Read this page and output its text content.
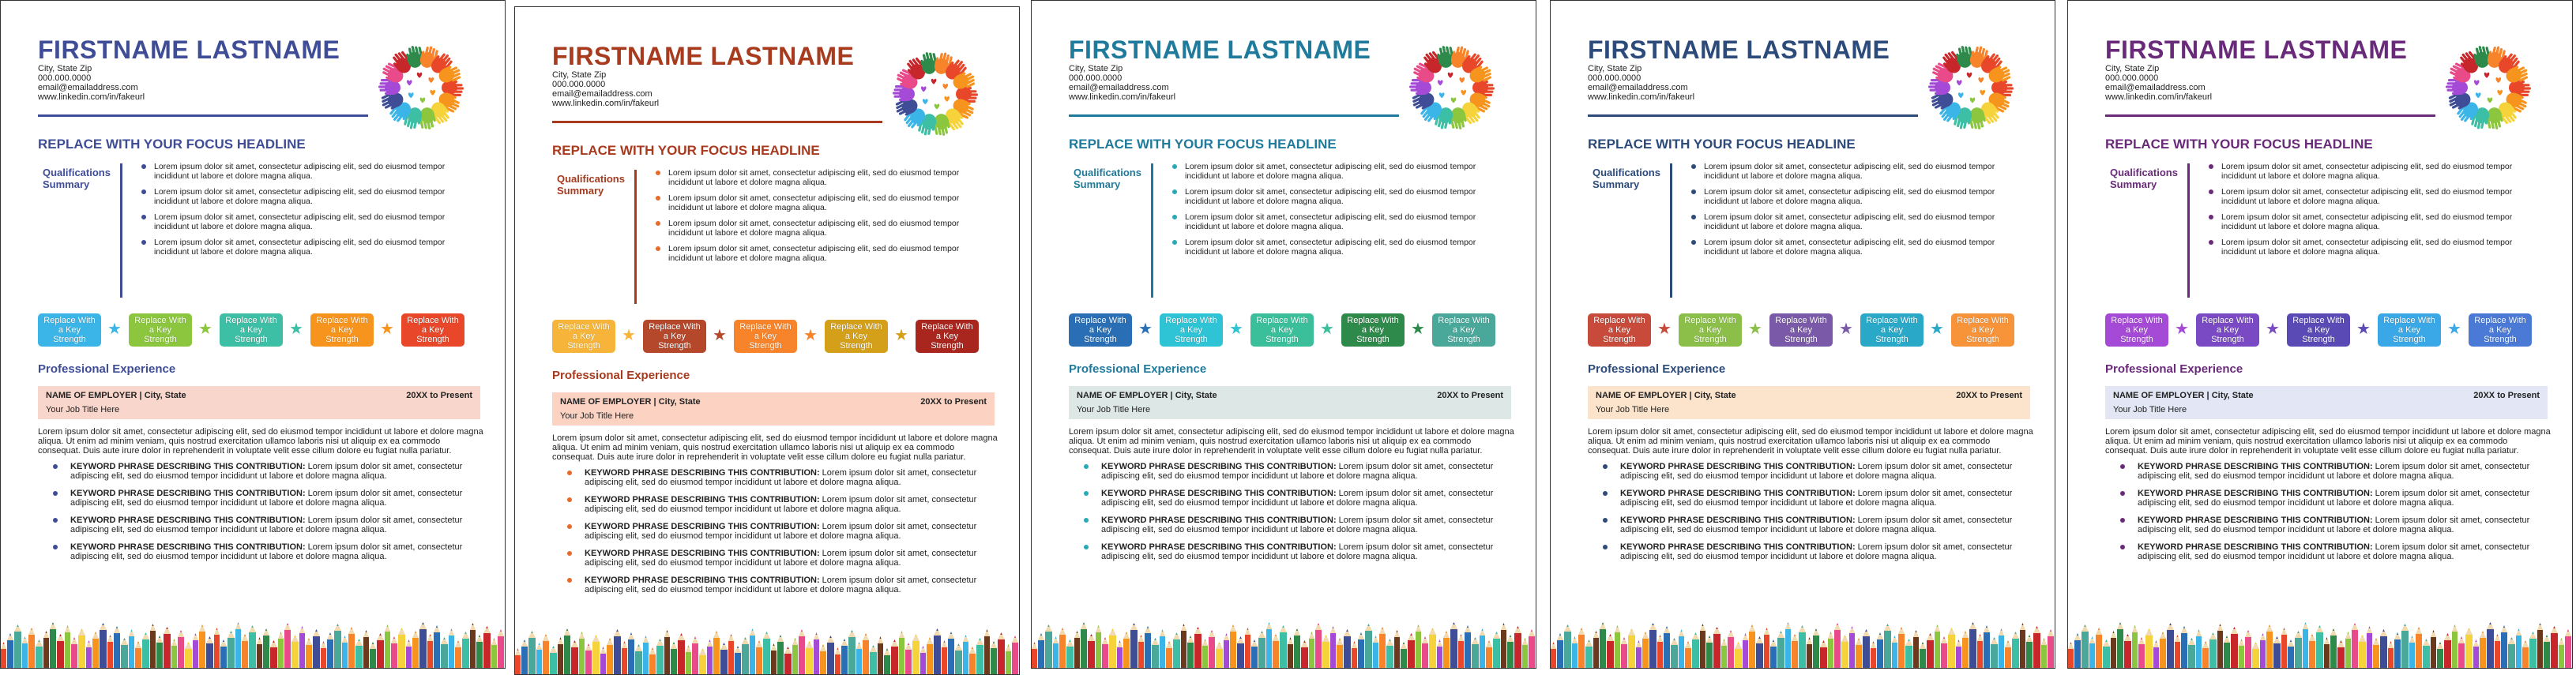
FIRSTNAME LASTNAME
City, State Zip
000.000.0000
email@emailaddress.com
www.linkedin.com/in/fakeurl
REPLACE WITH YOUR FOCUS HEADLINE
Qualifications
Summary
Lorem ipsum dolor sit amet, consectetur adipiscing elit, sed do eiusmod tempor incididunt ut labore et dolore magna aliqua.
Lorem ipsum dolor sit amet, consectetur adipiscing elit, sed do eiusmod tempor incididunt ut labore et dolore magna aliqua.
Lorem ipsum dolor sit amet, consectetur adipiscing elit, sed do eiusmod tempor incididunt ut labore et dolore magna aliqua.
Lorem ipsum dolor sit amet, consectetur adipiscing elit, sed do eiusmod tempor incididunt ut labore et dolore magna aliqua.
Replace With a Key Strength
★ Replace With a Key Strength
★ Replace With a Key Strength
★ Replace With a Key Strength
★ Replace With a Key Strength
Professional Experience
NAME OF EMPLOYER | City, State	20XX to Present
Your Job Title Here
Lorem ipsum dolor sit amet, consectetur adipiscing elit, sed do eiusmod tempor incididunt ut labore et dolore magna aliqua. Ut enim ad minim veniam, quis nostrud exercitation ullamco laboris nisi ut aliquip ex ea commodo consequat. Duis aute irure dolor in reprehenderit in voluptate velit esse cillum dolore eu fugiat nulla pariatur.
KEYWORD PHRASE DESCRIBING THIS CONTRIBUTION: Lorem ipsum dolor sit amet, consectetur adipiscing elit, sed do eiusmod tempor incididunt ut labore et dolore magna aliqua.
KEYWORD PHRASE DESCRIBING THIS CONTRIBUTION: Lorem ipsum dolor sit amet, consectetur adipiscing elit, sed do eiusmod tempor incididunt ut labore et dolore magna aliqua.
KEYWORD PHRASE DESCRIBING THIS CONTRIBUTION: Lorem ipsum dolor sit amet, consectetur adipiscing elit, sed do eiusmod tempor incididunt ut labore et dolore magna aliqua.
KEYWORD PHRASE DESCRIBING THIS CONTRIBUTION: Lorem ipsum dolor sit amet, consectetur adipiscing elit, sed do eiusmod tempor incididunt ut labore et dolore magna aliqua.
FIRSTNAME LASTNAME
City, State Zip
000.000.0000
email@emailaddress.com
www.linkedin.com/in/fakeurl
REPLACE WITH YOUR FOCUS HEADLINE
Qualifications
Summary
Lorem ipsum dolor sit amet, consectetur adipiscing elit, sed do eiusmod tempor incididunt ut labore et dolore magna aliqua.
Lorem ipsum dolor sit amet, consectetur adipiscing elit, sed do eiusmod tempor incididunt ut labore et dolore magna aliqua.
Lorem ipsum dolor sit amet, consectetur adipiscing elit, sed do eiusmod tempor incididunt ut labore et dolore magna aliqua.
Lorem ipsum dolor sit amet, consectetur adipiscing elit, sed do eiusmod tempor incididunt ut labore et dolore magna aliqua.
Replace With a Key Strength
★ Replace With a Key Strength
★ Replace With a Key Strength
★ Replace With a Key Strength
★ Replace With a Key Strength
Professional Experience
NAME OF EMPLOYER | City, State	20XX to Present
Your Job Title Here
Lorem ipsum dolor sit amet, consectetur adipiscing elit, sed do eiusmod tempor incididunt ut labore et dolore magna aliqua. Ut enim ad minim veniam, quis nostrud exercitation ullamco laboris nisi ut aliquip ex ea commodo consequat. Duis aute irure dolor in reprehenderit in voluptate velit esse cillum dolore eu fugiat nulla pariatur.
KEYWORD PHRASE DESCRIBING THIS CONTRIBUTION: Lorem ipsum dolor sit amet, consectetur adipiscing elit, sed do eiusmod tempor incididunt ut labore et dolore magna aliqua.
KEYWORD PHRASE DESCRIBING THIS CONTRIBUTION: Lorem ipsum dolor sit amet, consectetur adipiscing elit, sed do eiusmod tempor incididunt ut labore et dolore magna aliqua.
KEYWORD PHRASE DESCRIBING THIS CONTRIBUTION: Lorem ipsum dolor sit amet, consectetur adipiscing elit, sed do eiusmod tempor incididunt ut labore et dolore magna aliqua.
KEYWORD PHRASE DESCRIBING THIS CONTRIBUTION: Lorem ipsum dolor sit amet, consectetur adipiscing elit, sed do eiusmod tempor incididunt ut labore et dolore magna aliqua.
KEYWORD PHRASE DESCRIBING THIS CONTRIBUTION: Lorem ipsum dolor sit amet, consectetur adipiscing elit, sed do eiusmod tempor incididunt ut labore et dolore magna aliqua.
FIRSTNAME LASTNAME
City, State Zip
000.000.0000
email@emailaddress.com
www.linkedin.com/in/fakeurl
REPLACE WITH YOUR FOCUS HEADLINE
Qualifications
Summary
Lorem ipsum dolor sit amet, consectetur adipiscing elit, sed do eiusmod tempor incididunt ut labore et dolore magna aliqua.
Lorem ipsum dolor sit amet, consectetur adipiscing elit, sed do eiusmod tempor incididunt ut labore et dolore magna aliqua.
Lorem ipsum dolor sit amet, consectetur adipiscing elit, sed do eiusmod tempor incididunt ut labore et dolore magna aliqua.
Lorem ipsum dolor sit amet, consectetur adipiscing elit, sed do eiusmod tempor incididunt ut labore et dolore magna aliqua.
Replace With a Key Strength
★ Replace With a Key Strength
★ Replace With a Key Strength
★ Replace With a Key Strength
★ Replace With a Key Strength
Professional Experience
NAME OF EMPLOYER | City, State	20XX to Present
Your Job Title Here
Lorem ipsum dolor sit amet, consectetur adipiscing elit, sed do eiusmod tempor incididunt ut labore et dolore magna aliqua. Ut enim ad minim veniam, quis nostrud exercitation ullamco laboris nisi ut aliquip ex ea commodo consequat. Duis aute irure dolor in reprehenderit in voluptate velit esse cillum dolore eu fugiat nulla pariatur.
KEYWORD PHRASE DESCRIBING THIS CONTRIBUTION: Lorem ipsum dolor sit amet, consectetur adipiscing elit, sed do eiusmod tempor incididunt ut labore et dolore magna aliqua.
KEYWORD PHRASE DESCRIBING THIS CONTRIBUTION: Lorem ipsum dolor sit amet, consectetur adipiscing elit, sed do eiusmod tempor incididunt ut labore et dolore magna aliqua.
KEYWORD PHRASE DESCRIBING THIS CONTRIBUTION: Lorem ipsum dolor sit amet, consectetur adipiscing elit, sed do eiusmod tempor incididunt ut labore et dolore magna aliqua.
KEYWORD PHRASE DESCRIBING THIS CONTRIBUTION: Lorem ipsum dolor sit amet, consectetur adipiscing elit, sed do eiusmod tempor incididunt ut labore et dolore magna aliqua.
FIRSTNAME LASTNAME
City, State Zip
000.000.0000
email@emailaddress.com
www.linkedin.com/in/fakeurl
REPLACE WITH YOUR FOCUS HEADLINE
Qualifications
Summary
Lorem ipsum dolor sit amet, consectetur adipiscing elit, sed do eiusmod tempor incididunt ut labore et dolore magna aliqua.
Lorem ipsum dolor sit amet, consectetur adipiscing elit, sed do eiusmod tempor incididunt ut labore et dolore magna aliqua.
Lorem ipsum dolor sit amet, consectetur adipiscing elit, sed do eiusmod tempor incididunt ut labore et dolore magna aliqua.
Lorem ipsum dolor sit amet, consectetur adipiscing elit, sed do eiusmod tempor incididunt ut labore et dolore magna aliqua.
Replace With a Key Strength
★ Replace With a Key Strength
★ Replace With a Key Strength
★ Replace With a Key Strength
★ Replace With a Key Strength
Professional Experience
NAME OF EMPLOYER | City, State	20XX to Present
Your Job Title Here
Lorem ipsum dolor sit amet, consectetur adipiscing elit, sed do eiusmod tempor incididunt ut labore et dolore magna aliqua. Ut enim ad minim veniam, quis nostrud exercitation ullamco laboris nisi ut aliquip ex ea commodo consequat. Duis aute irure dolor in reprehenderit in voluptate velit esse cillum dolore eu fugiat nulla pariatur.
KEYWORD PHRASE DESCRIBING THIS CONTRIBUTION: Lorem ipsum dolor sit amet, consectetur adipiscing elit, sed do eiusmod tempor incididunt ut labore et dolore magna aliqua.
KEYWORD PHRASE DESCRIBING THIS CONTRIBUTION: Lorem ipsum dolor sit amet, consectetur adipiscing elit, sed do eiusmod tempor incididunt ut labore et dolore magna aliqua.
KEYWORD PHRASE DESCRIBING THIS CONTRIBUTION: Lorem ipsum dolor sit amet, consectetur adipiscing elit, sed do eiusmod tempor incididunt ut labore et dolore magna aliqua.
KEYWORD PHRASE DESCRIBING THIS CONTRIBUTION: Lorem ipsum dolor sit amet, consectetur adipiscing elit, sed do eiusmod tempor incididunt ut labore et dolore magna aliqua.
FIRSTNAME LASTNAME
City, State Zip
000.000.0000
email@emailaddress.com
www.linkedin.com/in/fakeurl
REPLACE WITH YOUR FOCUS HEADLINE
Qualifications
Summary
Lorem ipsum dolor sit amet, consectetur adipiscing elit, sed do eiusmod tempor incididunt ut labore et dolore magna aliqua.
Lorem ipsum dolor sit amet, consectetur adipiscing elit, sed do eiusmod tempor incididunt ut labore et dolore magna aliqua.
Lorem ipsum dolor sit amet, consectetur adipiscing elit, sed do eiusmod tempor incididunt ut labore et dolore magna aliqua.
Lorem ipsum dolor sit amet, consectetur adipiscing elit, sed do eiusmod tempor incididunt ut labore et dolore magna aliqua.
Replace With a Key Strength
★ Replace With a Key Strength
★ Replace With a Key Strength
★ Replace With a Key Strength
★ Replace With a Key Strength
Professional Experience
NAME OF EMPLOYER | City, State	20XX to Present
Your Job Title Here
Lorem ipsum dolor sit amet, consectetur adipiscing elit, sed do eiusmod tempor incididunt ut labore et dolore magna aliqua. Ut enim ad minim veniam, quis nostrud exercitation ullamco laboris nisi ut aliquip ex ea commodo consequat. Duis aute irure dolor in reprehenderit in voluptate velit esse cillum dolore eu fugiat nulla pariatur.
KEYWORD PHRASE DESCRIBING THIS CONTRIBUTION: Lorem ipsum dolor sit amet, consectetur adipiscing elit, sed do eiusmod tempor incididunt ut labore et dolore magna aliqua.
KEYWORD PHRASE DESCRIBING THIS CONTRIBUTION: Lorem ipsum dolor sit amet, consectetur adipiscing elit, sed do eiusmod tempor incididunt ut labore et dolore magna aliqua.
KEYWORD PHRASE DESCRIBING THIS CONTRIBUTION: Lorem ipsum dolor sit amet, consectetur adipiscing elit, sed do eiusmod tempor incididunt ut labore et dolore magna aliqua.
KEYWORD PHRASE DESCRIBING THIS CONTRIBUTION: Lorem ipsum dolor sit amet, consectetur adipiscing elit, sed do eiusmod tempor incididunt ut labore et dolore magna aliqua.
